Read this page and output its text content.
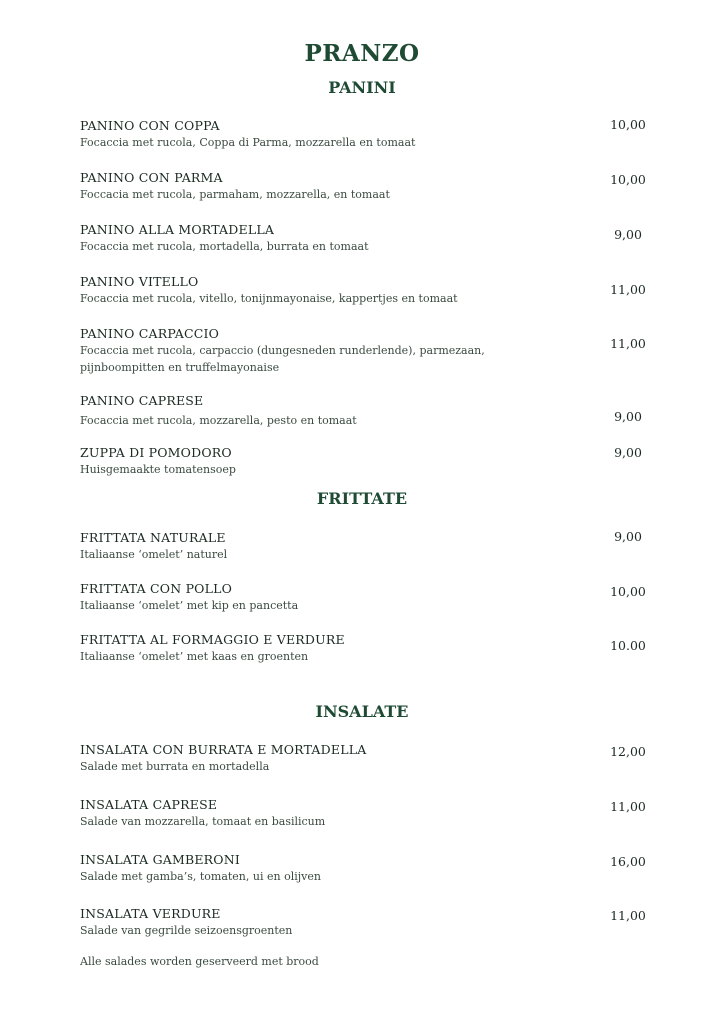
PRANZO
PANINI
PANINO CON COPPA
Focaccia met rucola, Coppa di Parma, mozzarella en tomaat
10,00
PANINO CON PARMA
Foccacia met rucola, parmaham, mozzarella, en tomaat
10,00
PANINO ALLA MORTADELLA
Focaccia met rucola, mortadella, burrata en tomaat
9,00
PANINO VITELLO
Focaccia met rucola, vitello, tonijnmayonaise, kappertjes en tomaat
11,00
PANINO CARPACCIO
Focaccia met rucola, carpaccio (dungesneden runderlende), parmezaan, pijnboompitten en truffelmayonaise
11,00
PANINO CAPRESE
Focaccia met rucola, mozzarella, pesto en tomaat	9,00
ZUPPA DI POMODORO
Huisgemaakte tomatensoep
9,00
FRITTATE
FRITTATA NATURALE
Italiaanse ‘omelet’ naturel
9,00
FRITTATA CON POLLO
Italiaanse ‘omelet’ met kip en pancetta
10,00
FRITATTA AL FORMAGGIO E VERDURE
Italiaanse ‘omelet’ met kaas en groenten
10.00
INSALATE
INSALATA CON BURRATA E MORTADELLA
Salade met burrata en mortadella
12,00
INSALATA CAPRESE
Salade van mozzarella, tomaat en basilicum
11,00
INSALATA GAMBERONI
Salade met gamba’s, tomaten, ui en olijven
16,00
INSALATA VERDURE
Salade van gegrilde seizoensgroenten
11,00
Alle salades worden geserveerd met brood
